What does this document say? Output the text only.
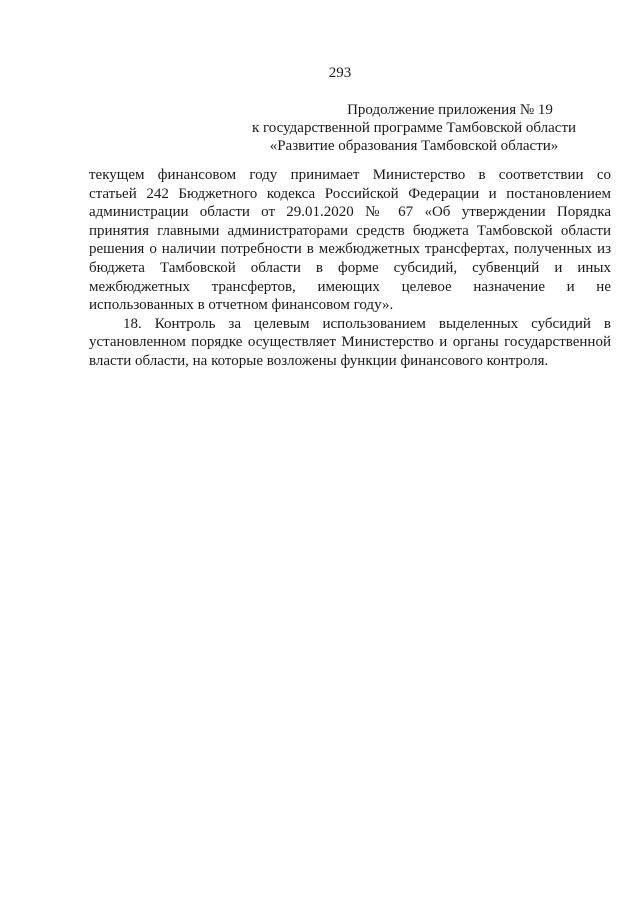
293
Продолжение приложения № 19
к государственной программе Тамбовской области
«Развитие образования Тамбовской области»
текущем финансовом году принимает Министерство в соответствии со
статьей 242 Бюджетного кодекса Российской Федерации и постановлением
администрации области от 29.01.2020 № 67 «Об утверждении Порядка
принятия главными администраторами средств бюджета Тамбовской области
решения о наличии потребности в межбюджетных трансфертах, полученных из
бюджета Тамбовской области в форме субсидий, субвенций и иных
межбюджетных трансфертов, имеющих целевое назначение и не
использованных в отчетном финансовом году».
18. Контроль за целевым использованием выделенных субсидий в
установленном порядке осуществляет Министерство и органы государственной
власти области, на которые возложены функции финансового контроля.
